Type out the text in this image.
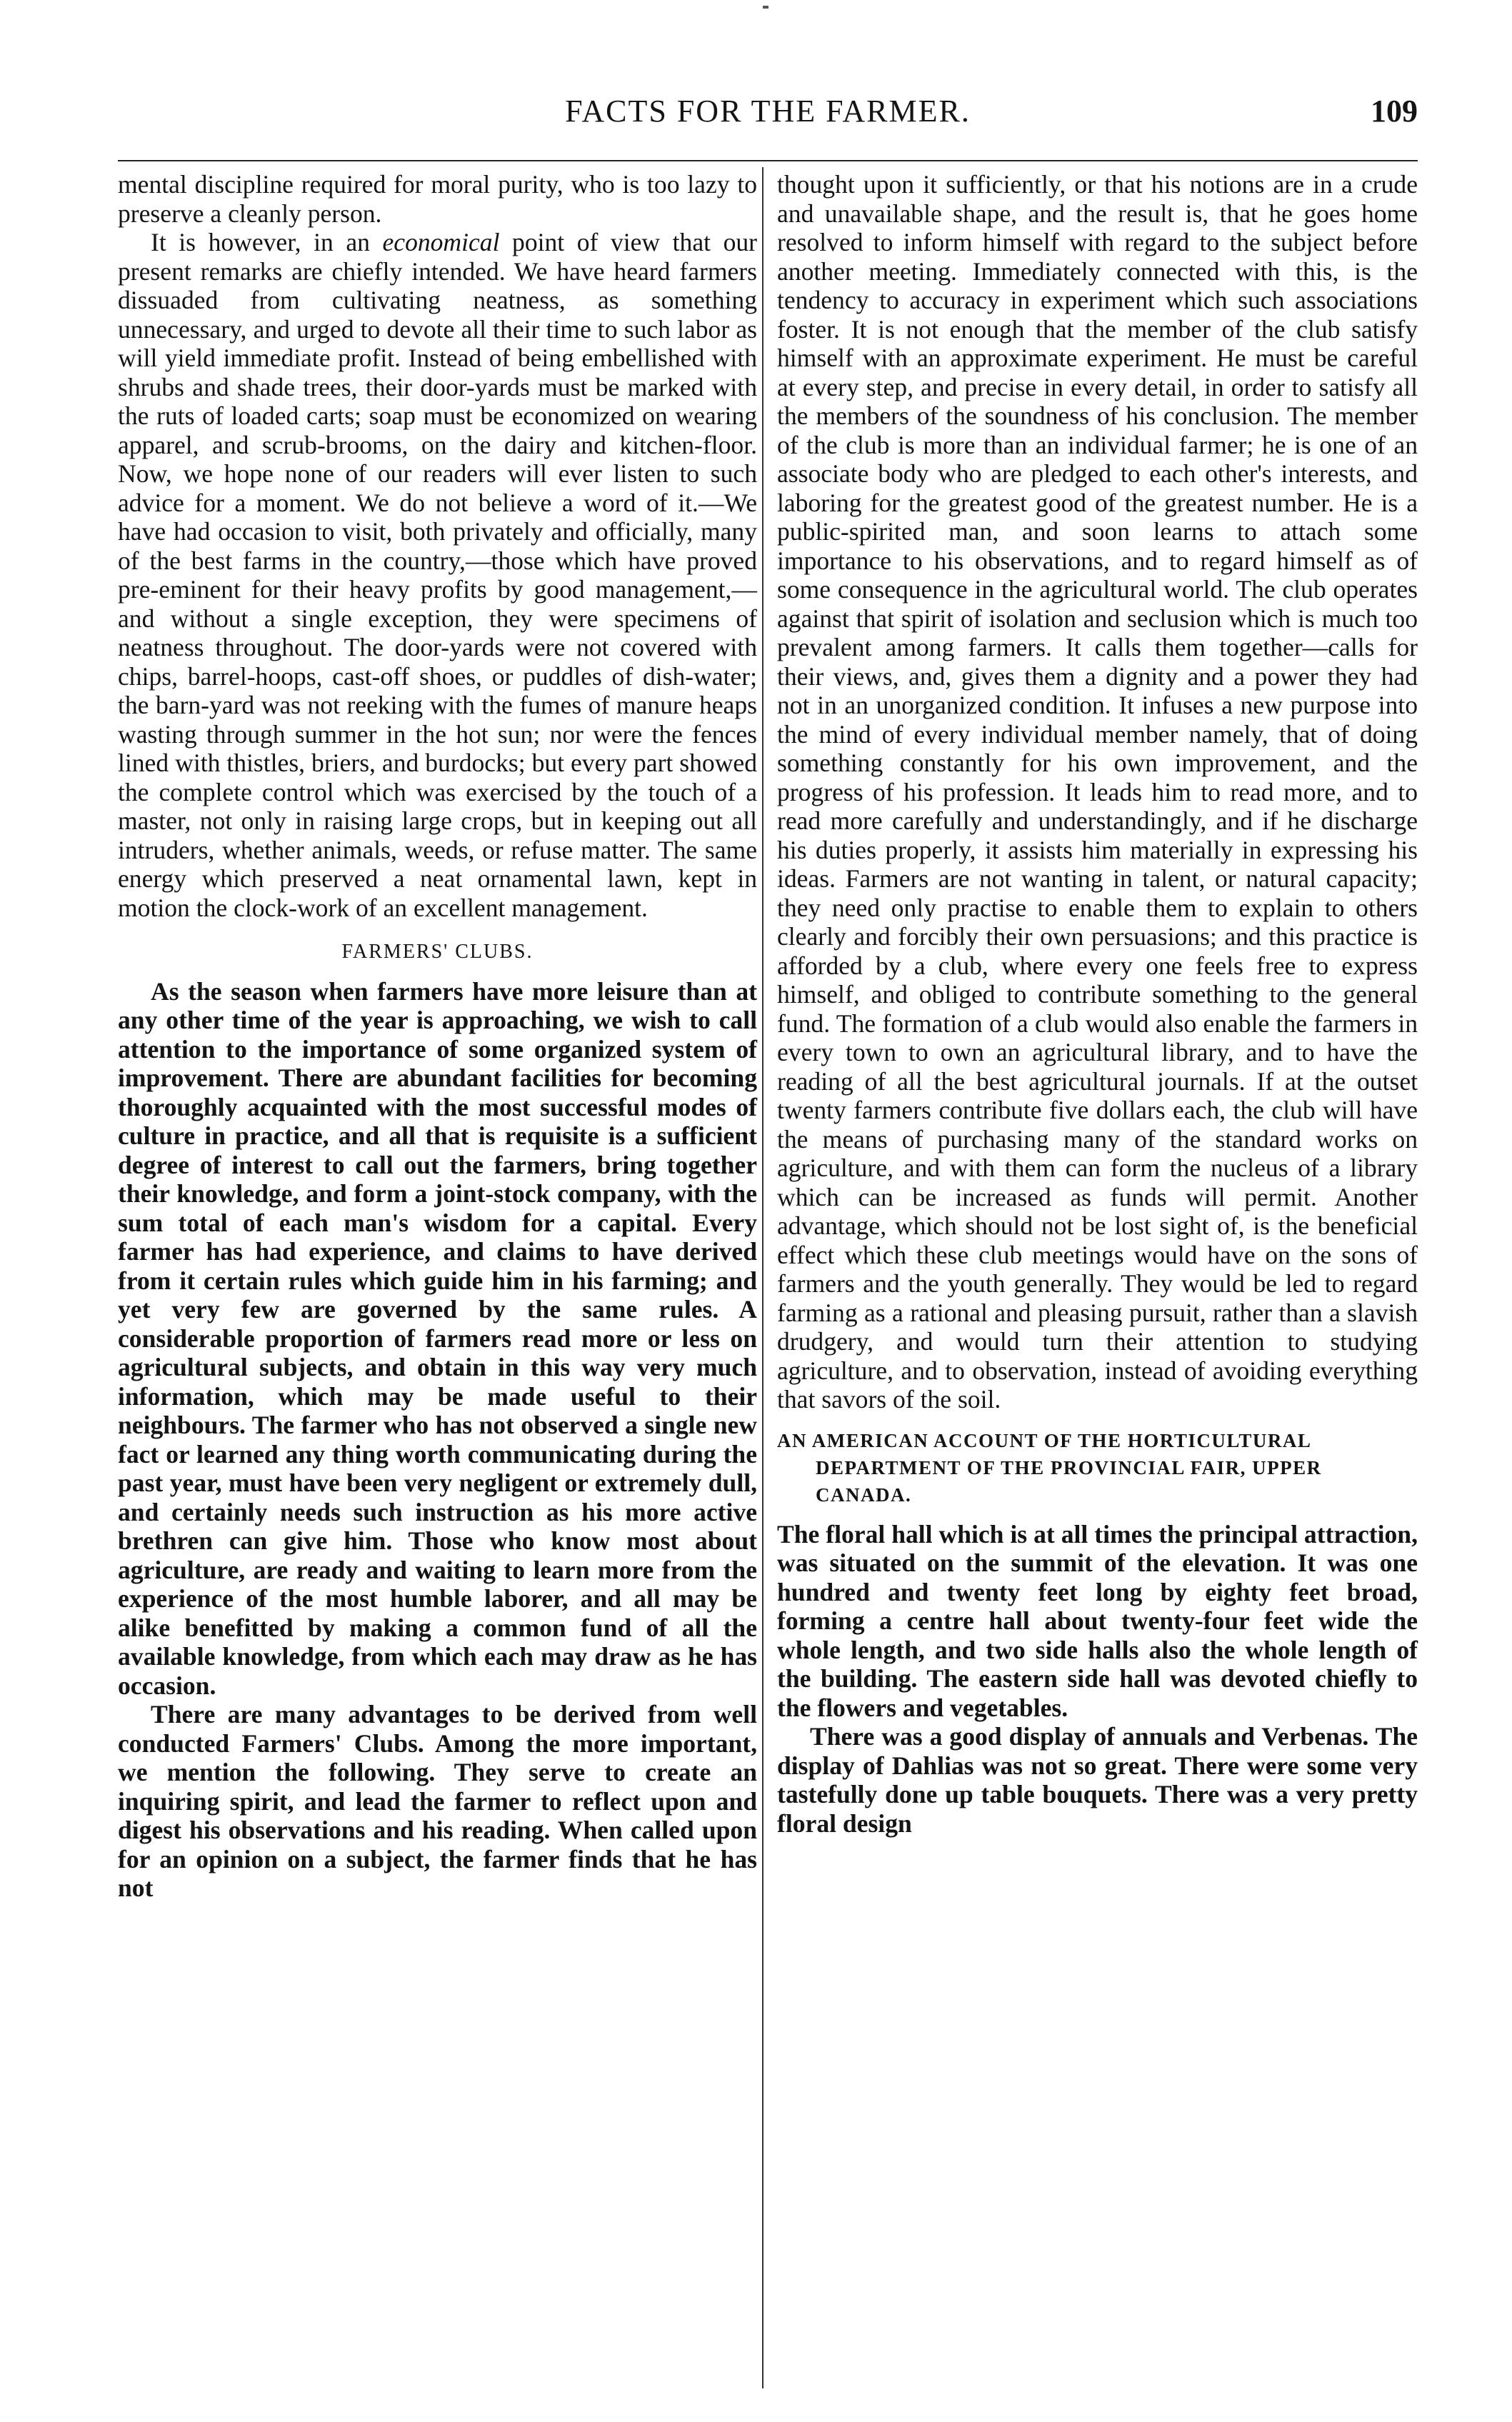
FACTS FOR THE FARMER.	109

mental discipline required for moral purity, who is too lazy to preserve a cleanly person.

It is however, in an economical point of view that our present remarks are chiefly intended. We have heard farmers dissuaded from cultivating neatness, as something unnecessary, and urged to devote all their time to such labor as will yield immediate profit. Instead of being embellished with shrubs and shade trees, their door-yards must be marked with the ruts of loaded carts; soap must be economized on wearing apparel, and scrub-brooms, on the dairy and kitchen-floor. Now, we hope none of our readers will ever listen to such advice for a moment. We do not believe a word of it.—We have had occasion to visit, both privately and officially, many of the best farms in the country,—those which have proved pre-eminent for their heavy profits by good management,—and without a single exception, they were specimens of neatness throughout. The door-yards were not covered with chips, barrel-hoops, cast-off shoes, or puddles of dish-water; the barn-yard was not reeking with the fumes of manure heaps wasting through summer in the hot sun; nor were the fences lined with thistles, briers, and burdocks; but every part showed the complete control which was exercised by the touch of a master, not only in raising large crops, but in keeping out all intruders, whether animals, weeds, or refuse matter. The same energy which preserved a neat ornamental lawn, kept in motion the clock-work of an excellent management.

FARMERS' CLUBS.

As the season when farmers have more leisure than at any other time of the year is approaching, we wish to call attention to the importance of some organized system of improvement. There are abundant facilities for becoming thoroughly acquainted with the most successful modes of culture in practice, and all that is requisite is a sufficient degree of interest to call out the farmers, bring together their knowledge, and form a joint-stock company, with the sum total of each man's wisdom for a capital. Every farmer has had experience, and claims to have derived from it certain rules which guide him in his farming; and yet very few are governed by the same rules. A considerable proportion of farmers read more or less on agricultural subjects, and obtain in this way very much information, which may be made useful to their neighbours. The farmer who has not observed a single new fact or learned any thing worth communicating during the past year, must have been very negligent or extremely dull, and certainly needs such instruction as his more active brethren can give him. Those who know most about agriculture, are ready and waiting to learn more from the experience of the most humble laborer, and all may be alike benefitted by making a common fund of all the available knowledge, from which each may draw as he has occasion.

There are many advantages to be derived from well conducted Farmers' Clubs. Among the more important, we mention the following. They serve to create an inquiring spirit, and lead the farmer to reflect upon and digest his observations and his reading. When called upon for an opinion on a subject, the farmer finds that he has not

thought upon it sufficiently, or that his notions are in a crude and unavailable shape, and the result is, that he goes home resolved to inform himself with regard to the subject before another meeting. Immediately connected with this, is the tendency to accuracy in experiment which such associations foster. It is not enough that the member of the club satisfy himself with an approximate experiment. He must be careful at every step, and precise in every detail, in order to satisfy all the members of the soundness of his conclusion. The member of the club is more than an individual farmer; he is one of an associate body who are pledged to each other's interests, and laboring for the greatest good of the greatest number. He is a public-spirited man, and soon learns to attach some importance to his observations, and to regard himself as of some consequence in the agricultural world. The club operates against that spirit of isolation and seclusion which is much too prevalent among farmers. It calls them together—calls for their views, and, gives them a dignity and a power they had not in an unorganized condition. It infuses a new purpose into the mind of every individual member namely, that of doing something constantly for his own improvement, and the progress of his profession. It leads him to read more, and to read more carefully and understandingly, and if he discharge his duties properly, it assists him materially in expressing his ideas. Farmers are not wanting in talent, or natural capacity; they need only practise to enable them to explain to others clearly and forcibly their own persuasions; and this practice is afforded by a club, where every one feels free to express himself, and obliged to contribute something to the general fund. The formation of a club would also enable the farmers in every town to own an agricultural library, and to have the reading of all the best agricultural journals. If at the outset twenty farmers contribute five dollars each, the club will have the means of purchasing many of the standard works on agriculture, and with them can form the nucleus of a library which can be increased as funds will permit. Another advantage, which should not be lost sight of, is the beneficial effect which these club meetings would have on the sons of farmers and the youth generally. They would be led to regard farming as a rational and pleasing pursuit, rather than a slavish drudgery, and would turn their attention to studying agriculture, and to observation, instead of avoiding everything that savors of the soil.

AN AMERICAN ACCOUNT OF THE HORTICULTURAL DEPARTMENT OF THE PROVINCIAL FAIR, UPPER CANADA.

The floral hall which is at all times the principal attraction, was situated on the summit of the elevation. It was one hundred and twenty feet long by eighty feet broad, forming a centre hall about twenty-four feet wide the whole length, and two side halls also the whole length of the building. The eastern side hall was devoted chiefly to the flowers and vegetables.

There was a good display of annuals and Verbenas. The display of Dahlias was not so great. There were some very tastefully done up table bouquets. There was a very pretty floral design
